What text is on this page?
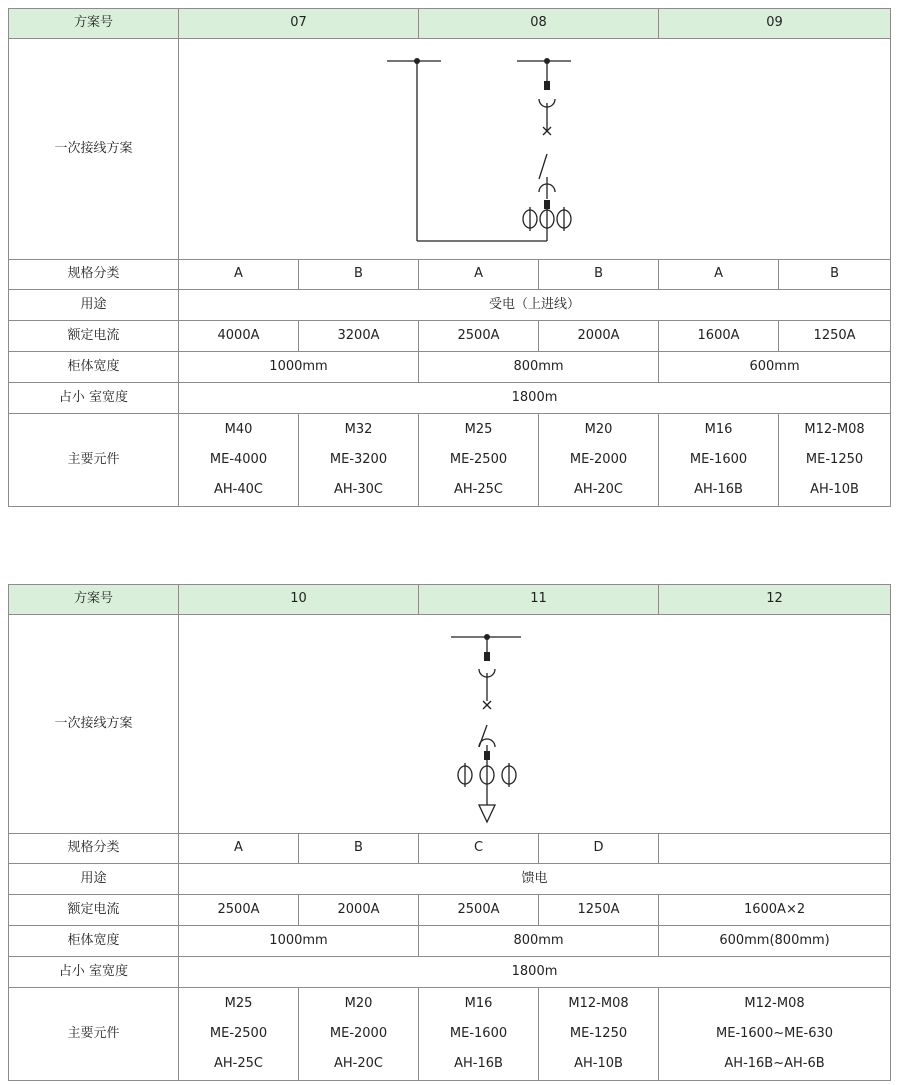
方案号	07		08		09	
一次接线方案	

规格分类	A	B	A	B	A	B
用途	受电（上进线）					
额定电流	4000A	3200A	2500A	2000A	1600A	1250A
柜体宽度	1000mm		800mm		600mm	
占小 室宽度	1800m					
主要元件	M40
ME-4000
AH-40C	M32
ME-3200
AH-30C	M25
ME-2500
AH-25C	M20
ME-2000
AH-20C	M16
ME-1600
AH-16B	M12-M08
ME-1250
AH-10B
方案号	10		11		12
一次接线方案	

规格分类	A	B	C	D	
用途	馈电				
额定电流	2500A	2000A	2500A	1250A	1600A×2
柜体宽度	1000mm		800mm		600mm(800mm)
占小 室宽度	1800m				
主要元件	M25
ME-2500
AH-25C	M20
ME-2000
AH-20C	M16
ME-1600
AH-16B	M12-M08
ME-1250
AH-10B	M12-M08
ME-1600~ME-630
AH-16B~AH-6B
